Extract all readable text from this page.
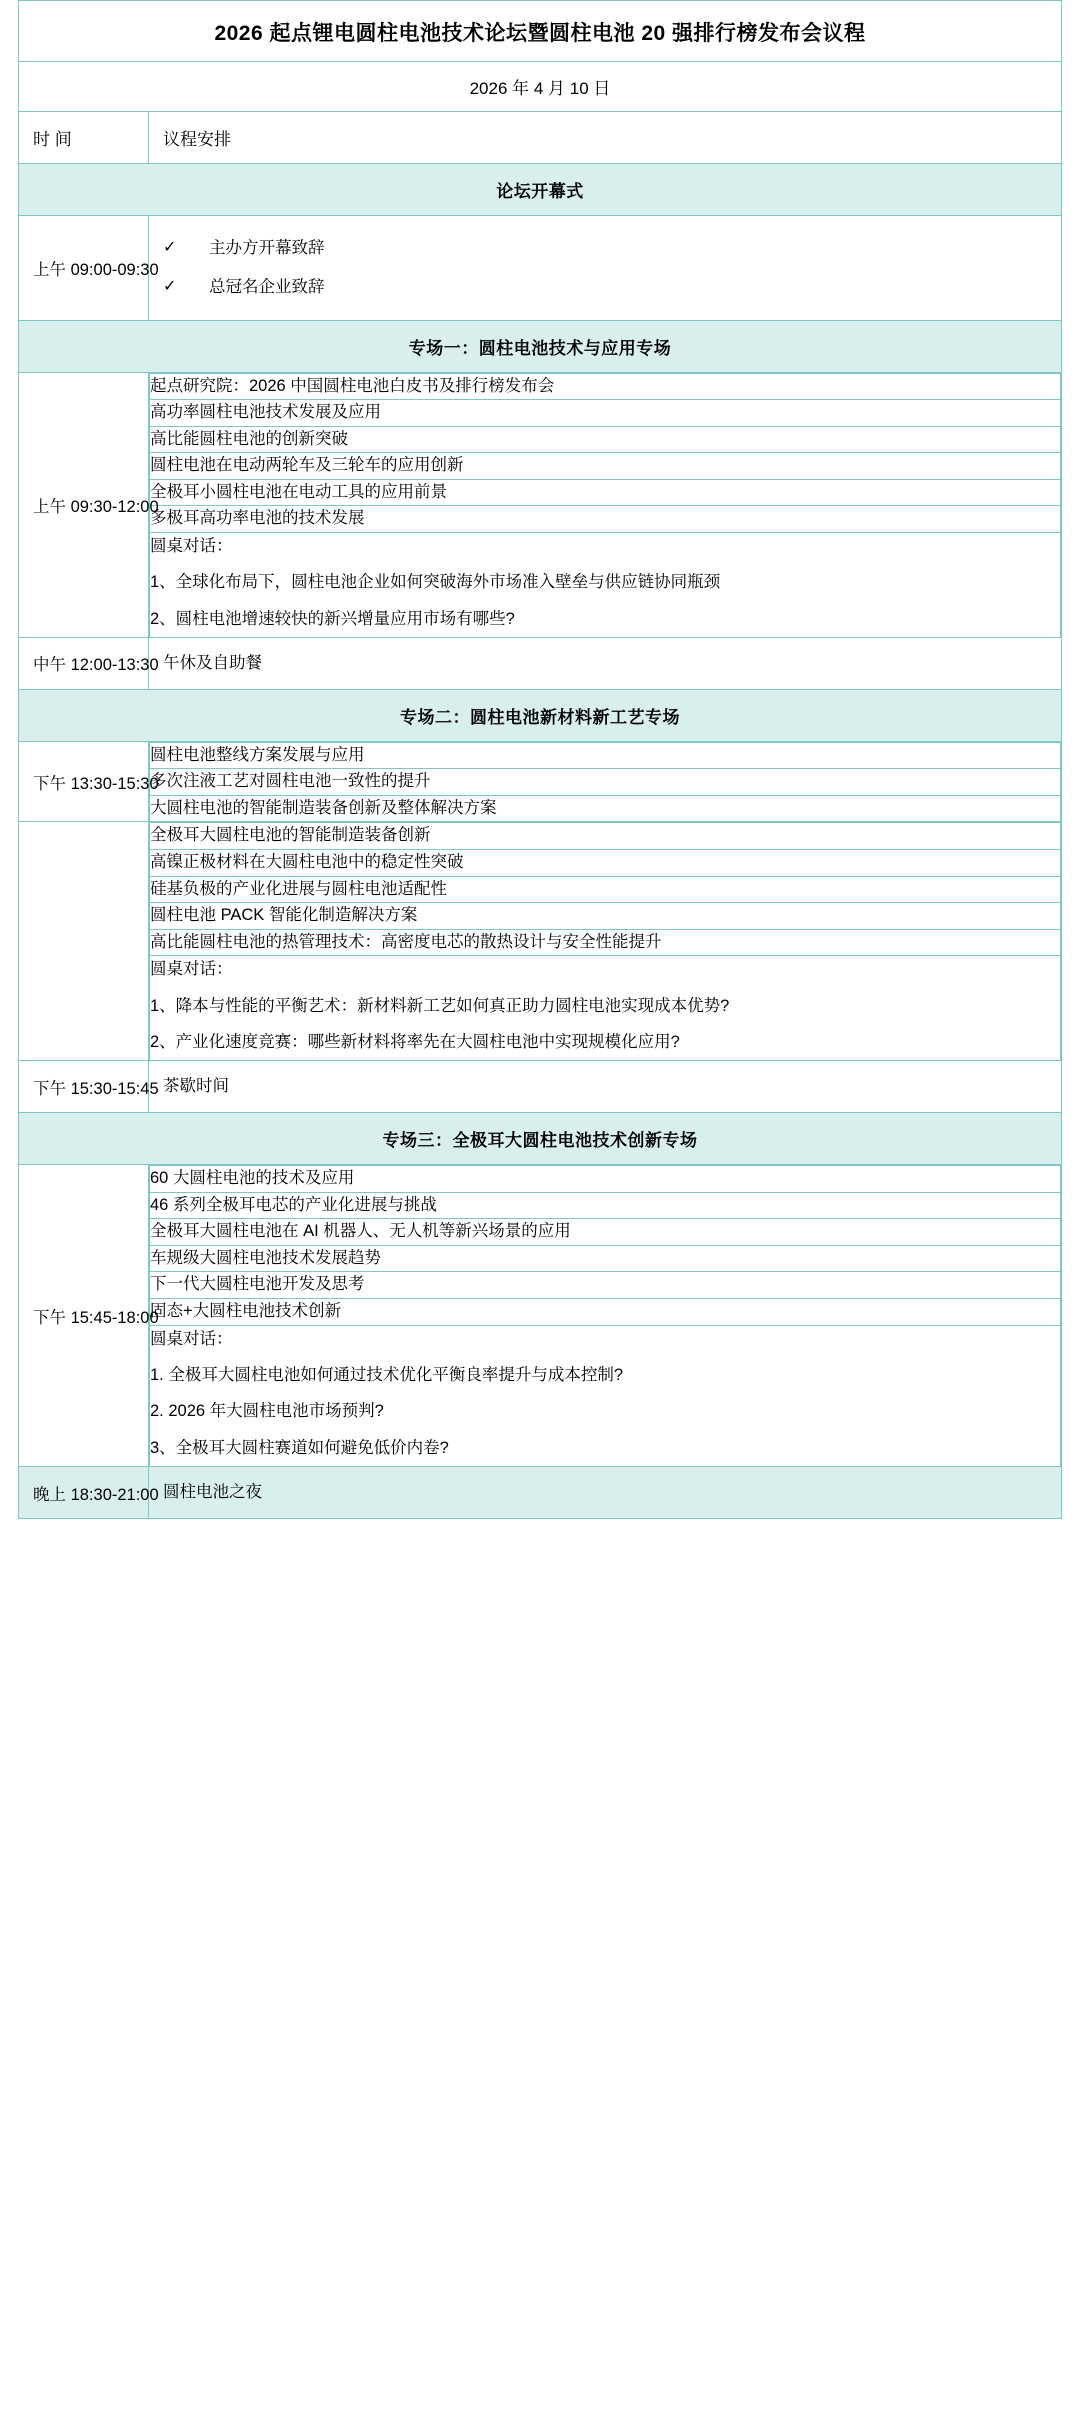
2026 起点锂电圆柱电池技术论坛暨圆柱电池 20 强排行榜发布会议程
2026 年 4 月 10 日
时 间	议程安排
论坛开幕式
上午 09:00-09:30	
✓	主办方开幕致辞
✓	总冠名企业致辞

专场一：圆柱电池技术与应用专场
上午 09:30-12:00	
起点研究院：2026 中国圆柱电池白皮书及排行榜发布会
高功率圆柱电池技术发展及应用
高比能圆柱电池的创新突破
圆柱电池在电动两轮车及三轮车的应用创新
全极耳小圆柱电池在电动工具的应用前景
多极耳高功率电池的技术发展

圆桌对话：

1、全球化布局下，圆柱电池企业如何突破海外市场准入壁垒与供应链协同瓶颈

2、圆柱电池增速较快的新兴增量应用市场有哪些?

中午 12:00-13:30	午休及自助餐
专场二：圆柱电池新材料新工艺专场
下午 13:30-15:30	
圆柱电池整线方案发展与应用
多次注液工艺对圆柱电池一致性的提升
大圆柱电池的智能制造装备创新及整体解决方案

全极耳大圆柱电池的智能制造装备创新
高镍正极材料在大圆柱电池中的稳定性突破
硅基负极的产业化进展与圆柱电池适配性
圆柱电池 PACK 智能化制造解决方案
高比能圆柱电池的热管理技术：高密度电芯的散热设计与安全性能提升

圆桌对话：

1、降本与性能的平衡艺术：新材料新工艺如何真正助力圆柱电池实现成本优势?

2、产业化速度竞赛：哪些新材料将率先在大圆柱电池中实现规模化应用?

下午 15:30-15:45	茶歇时间
专场三：全极耳大圆柱电池技术创新专场
下午 15:45-18:00	
60 大圆柱电池的技术及应用
46 系列全极耳电芯的产业化进展与挑战
全极耳大圆柱电池在 AI 机器人、无人机等新兴场景的应用
车规级大圆柱电池技术发展趋势
下一代大圆柱电池开发及思考
固态+大圆柱电池技术创新

圆桌对话：

1. 全极耳大圆柱电池如何通过技术优化平衡良率提升与成本控制?

2. 2026 年大圆柱电池市场预判?

3、全极耳大圆柱赛道如何避免低价内卷?

晚上 18:30-21:00	圆柱电池之夜
